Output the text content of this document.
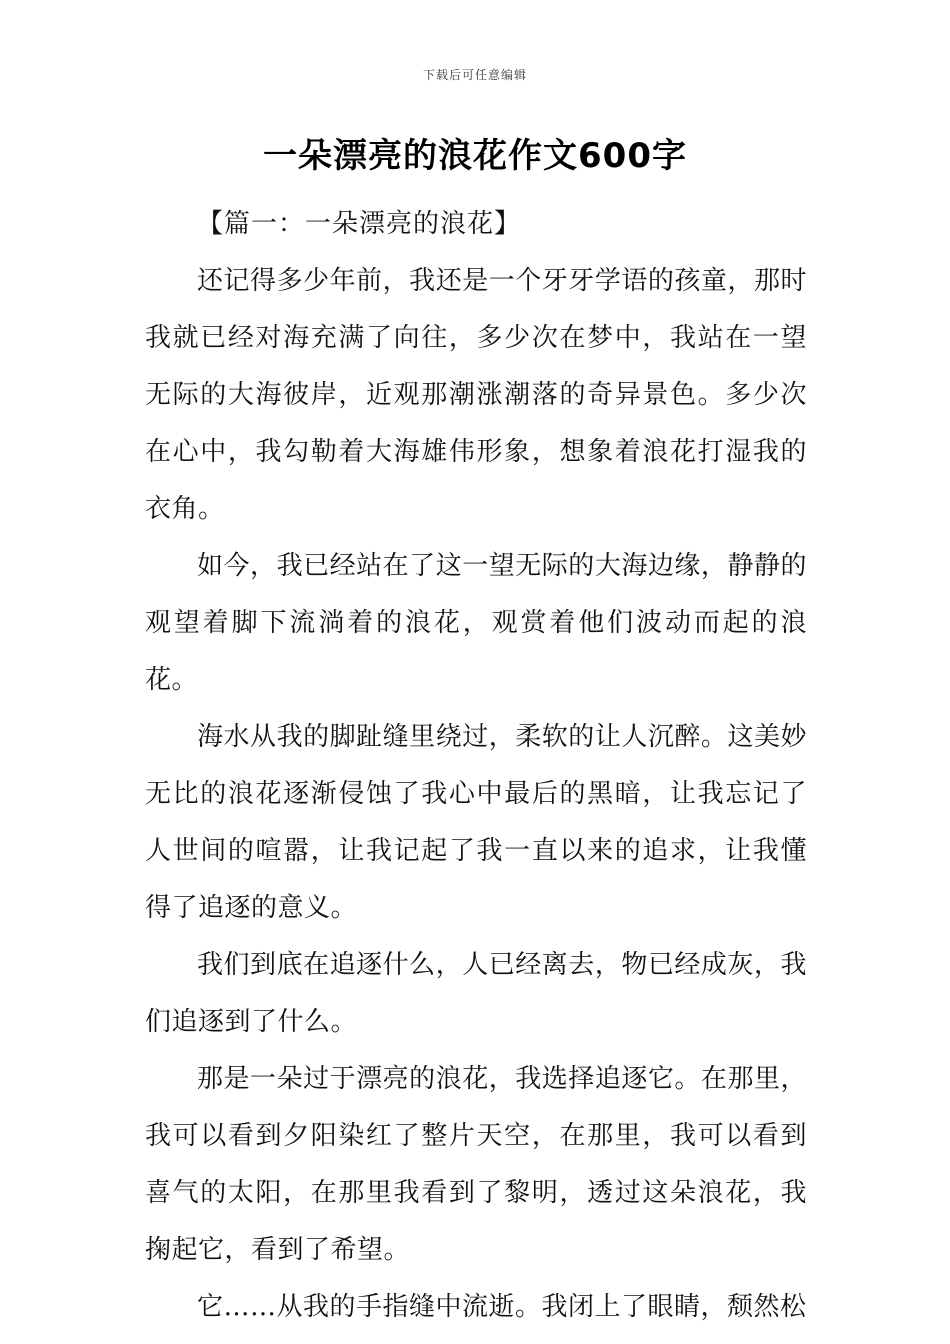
下载后可任意编辑
一朵漂亮的浪花作文600字
【篇一：一朵漂亮的浪花】

还记得多少年前，我还是一个牙牙学语的孩童，那时我就已经对海充满了向往，多少次在梦中，我站在一望无际的大海彼岸，近观那潮涨潮落的奇异景色。多少次在心中，我勾勒着大海雄伟形象，想象着浪花打湿我的衣角。

如今，我已经站在了这一望无际的大海边缘，静静的观望着脚下流淌着的浪花，观赏着他们波动而起的浪花。

海水从我的脚趾缝里绕过，柔软的让人沉醉。这美妙无比的浪花逐渐侵蚀了我心中最后的黑暗，让我忘记了人世间的喧嚣，让我记起了我一直以来的追求，让我懂得了追逐的意义。

我们到底在追逐什么，人已经离去，物已经成灰，我们追逐到了什么。

那是一朵过于漂亮的浪花，我选择追逐它。在那里，我可以看到夕阳染红了整片天空，在那里，我可以看到喜气的太阳，在那里我看到了黎明，透过这朵浪花，我掬起它，看到了希望。

它……从我的手指缝中流逝。我闭上了眼睛，颓然松
